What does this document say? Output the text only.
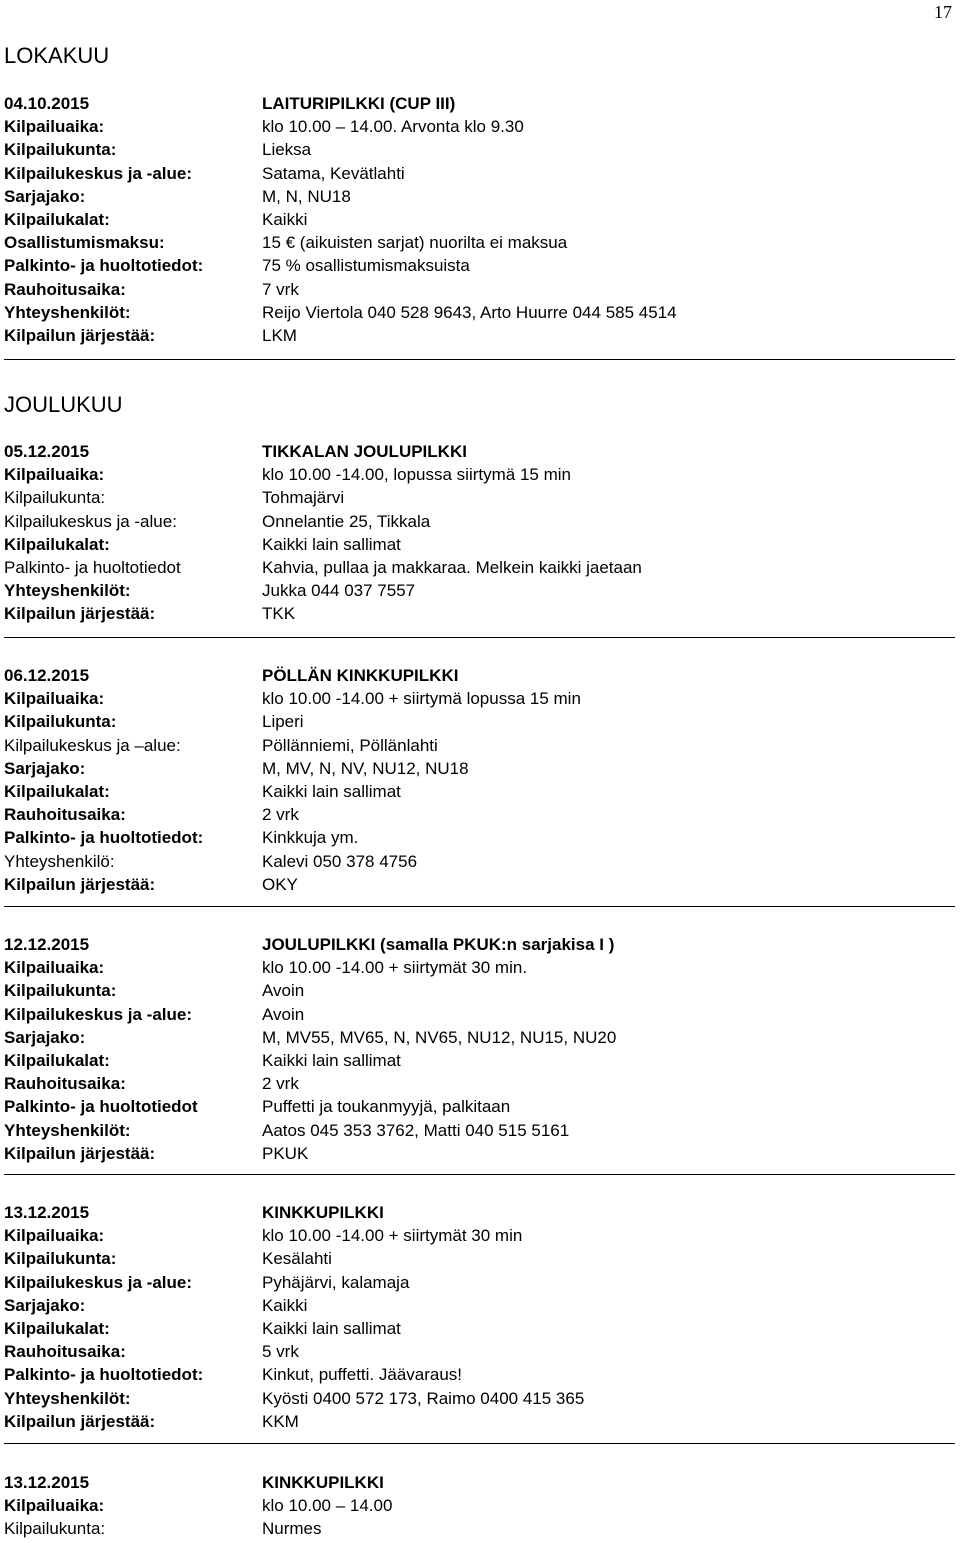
17
LOKAKUU
JOULUKUU
04.10.2015	LAITURIPILKKI (CUP III)
Kilpailuaika:	klo 10.00 – 14.00. Arvonta klo 9.30
Kilpailukunta:	Lieksa
Kilpailukeskus ja -alue:	Satama, Kevätlahti
Sarjajako:	M, N, NU18
Kilpailukalat:	Kaikki
Osallistumismaksu:	15 € (aikuisten sarjat) nuorilta ei maksua
Palkinto- ja huoltotiedot:	75 % osallistumismaksuista
Rauhoitusaika:	7 vrk
Yhteyshenkilöt:	Reijo Viertola 040 528 9643, Arto Huurre 044 585 4514
Kilpailun järjestää:	LKM
05.12.2015	TIKKALAN JOULUPILKKI
Kilpailuaika:	klo 10.00 -14.00, lopussa siirtymä 15 min
Kilpailukunta:	Tohmajärvi
Kilpailukeskus ja -alue:	Onnelantie 25, Tikkala
Kilpailukalat:	Kaikki lain sallimat
Palkinto- ja huoltotiedot	Kahvia, pullaa ja makkaraa. Melkein kaikki jaetaan
Yhteyshenkilöt:	Jukka 044 037 7557
Kilpailun järjestää:	TKK
06.12.2015	PÖLLÄN KINKKUPILKKI
Kilpailuaika:	klo 10.00 -14.00 + siirtymä lopussa 15 min
Kilpailukunta:	Liperi
Kilpailukeskus ja –alue:	Pöllänniemi, Pöllänlahti
Sarjajako:	M, MV, N, NV, NU12, NU18
Kilpailukalat:	Kaikki lain sallimat
Rauhoitusaika:	2 vrk
Palkinto- ja huoltotiedot:	Kinkkuja ym.
Yhteyshenkilö:	Kalevi 050 378 4756
Kilpailun järjestää:	OKY
12.12.2015	JOULUPILKKI (samalla PKUK:n sarjakisa I )
Kilpailuaika:	klo 10.00 -14.00 + siirtymät 30 min.
Kilpailukunta:	Avoin
Kilpailukeskus ja -alue:	Avoin
Sarjajako:	M, MV55, MV65, N, NV65, NU12, NU15, NU20
Kilpailukalat:	Kaikki lain sallimat
Rauhoitusaika:	2 vrk
Palkinto- ja huoltotiedot	Puffetti ja toukanmyyjä, palkitaan
Yhteyshenkilöt:	Aatos 045 353 3762, Matti 040 515 5161
Kilpailun järjestää:	PKUK
13.12.2015	KINKKUPILKKI
Kilpailuaika:	klo 10.00 -14.00 + siirtymät 30 min
Kilpailukunta:	Kesälahti
Kilpailukeskus ja -alue:	Pyhäjärvi, kalamaja
Sarjajako:	Kaikki
Kilpailukalat:	Kaikki lain sallimat
Rauhoitusaika:	5 vrk
Palkinto- ja huoltotiedot:	Kinkut, puffetti. Jäävaraus!
Yhteyshenkilöt:	Kyösti 0400 572 173, Raimo 0400 415 365
Kilpailun järjestää:	KKM
13.12.2015	KINKKUPILKKI
Kilpailuaika:	klo 10.00 – 14.00
Kilpailukunta:	Nurmes
